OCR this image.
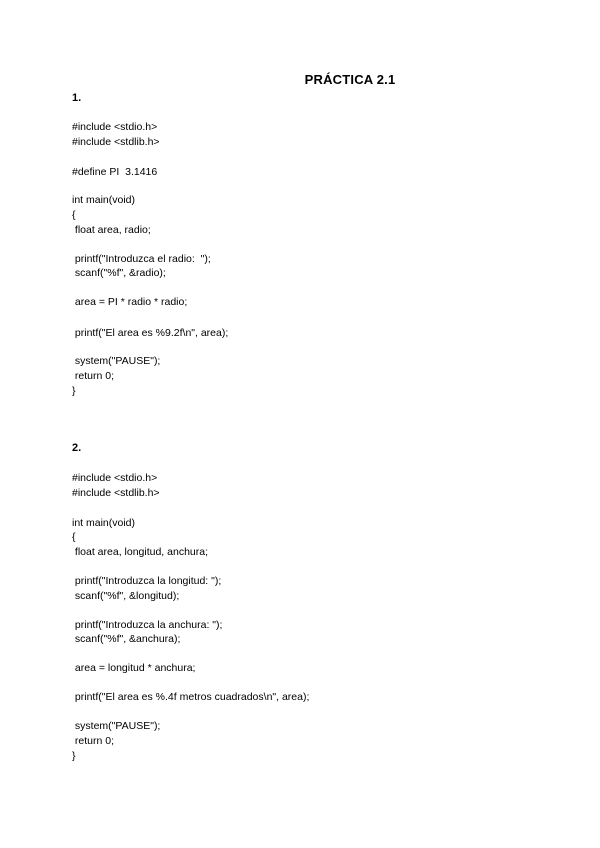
PRÁCTICA 2.1
1.
#include <stdio.h>
#include <stdlib.h>
#define PI  3.1416
int main(void)
{
float area, radio;
printf("Introduzca el radio:  ");
scanf("%f", &radio);
area = PI * radio * radio;
printf("El area es %9.2f\n", area);
system("PAUSE");
return 0;
}
2.
#include <stdio.h>
#include <stdlib.h>
int main(void)
{
float area, longitud, anchura;
printf("Introduzca la longitud: ");
scanf("%f", &longitud);
printf("Introduzca la anchura: ");
scanf("%f", &anchura);
area = longitud * anchura;
printf("El area es %.4f metros cuadrados\n", area);
system("PAUSE");
return 0;
}
